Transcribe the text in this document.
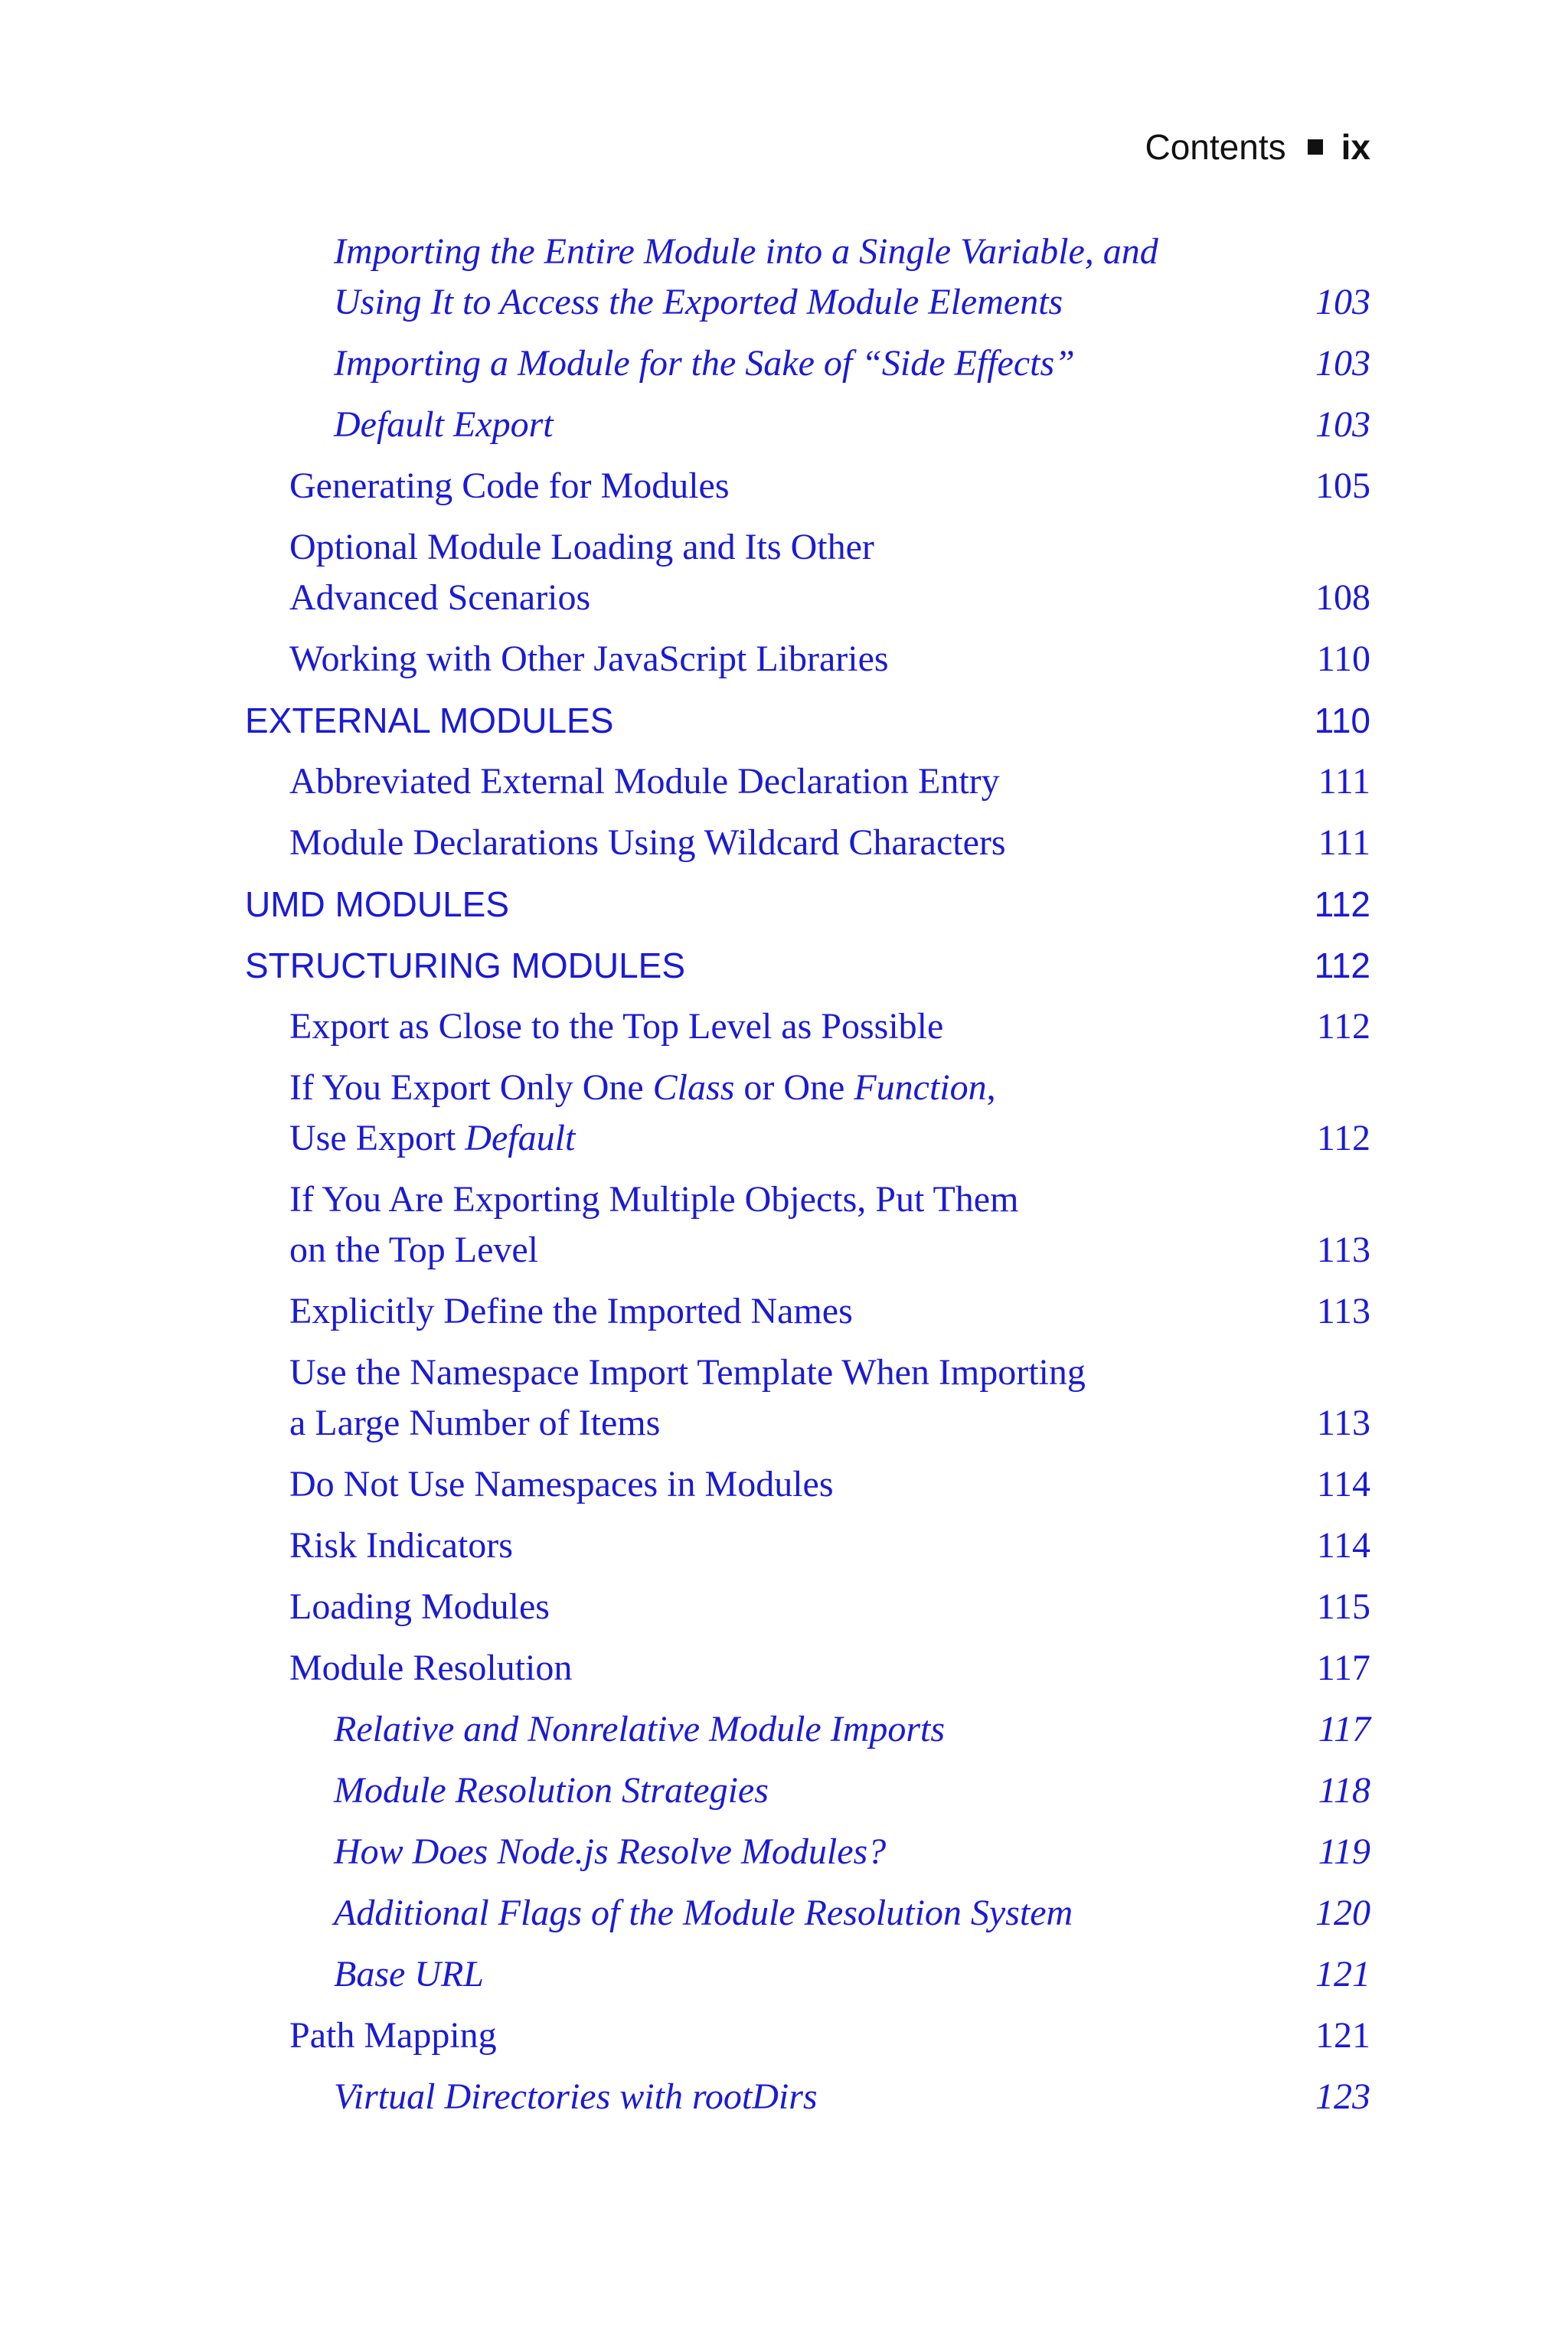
Contents ix
Importing the Entire Module into a Single Variable, and
Using It to Access the Exported Module Elements	103
Importing a Module for the Sake of “Side Effects”	103
Default Export	103
Generating Code for Modules	105
Optional Module Loading and Its Other
Advanced Scenarios	108
Working with Other JavaScript Libraries	110
EXTERNAL MODULES	110
Abbreviated External Module Declaration Entry	111
Module Declarations Using Wildcard Characters	111
UMD MODULES	112
STRUCTURING MODULES	112
Export as Close to the Top Level as Possible	112
If You Export Only One Class or One Function,
Use Export Default	112
If You Are Exporting Multiple Objects, Put Them
on the Top Level	113
Explicitly Define the Imported Names	113
Use the Namespace Import Template When Importing
a Large Number of Items	113
Do Not Use Namespaces in Modules	114
Risk Indicators	114
Loading Modules	115
Module Resolution	117
Relative and Nonrelative Module Imports	117
Module Resolution Strategies	118
How Does Node.js Resolve Modules?	119
Additional Flags of the Module Resolution System	120
Base URL	121
Path Mapping	121
Virtual Directories with rootDirs	123
